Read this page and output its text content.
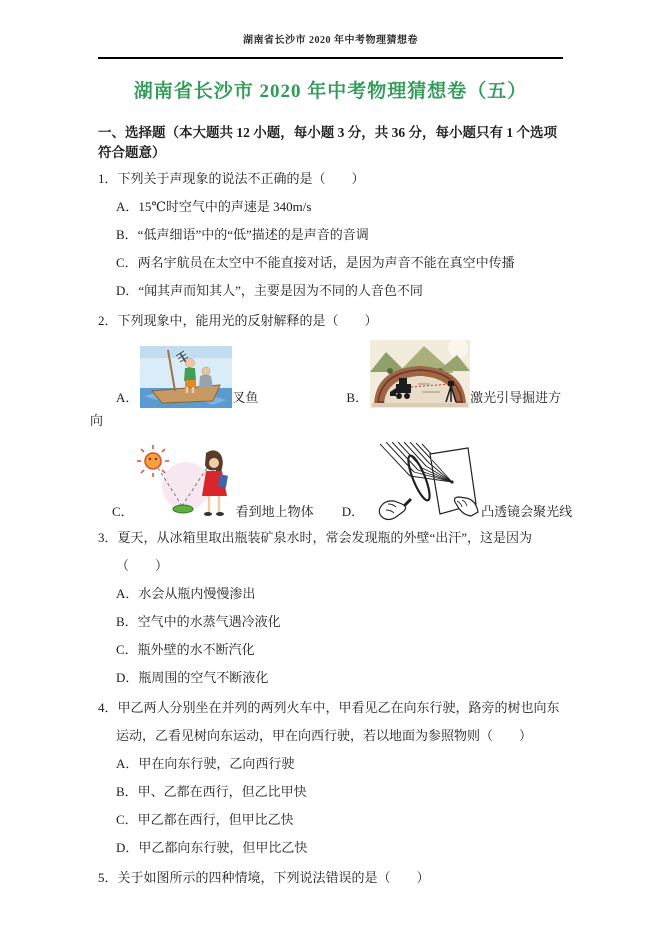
湖南省长沙市 2020 年中考物理猜想卷
湖南省长沙市 2020 年中考物理猜想卷（五）
一、选择题（本大题共 12 小题，每小题 3 分，共 36 分，每小题只有 1 个选项符合题意）

1．下列关于声现象的说法不正确的是（　　）

A．15℃时空气中的声速是 340m/s

B．“低声细语”中的“低”描述的是声音的音调

C．两名宇航员在太空中不能直接对话，是因为声音不能在真空中传播

D．“闻其声而知其人”，主要是因为不同的人音色不同

2．下列现象中，能用光的反射解释的是（　　）

A．	叉鱼	B．	激光引导掘进方

向

C．	看到地上物体 D．	凸透镜会聚光线

3．夏天，从冰箱里取出瓶装矿泉水时，常会发现瓶的外壁“出汗”，这是因为（　　）

A．水会从瓶内慢慢渗出

B．空气中的水蒸气遇冷液化

C．瓶外壁的水不断汽化

D．瓶周围的空气不断液化

4．甲乙两人分别坐在并列的两列火车中，甲看见乙在向东行驶，路旁的树也向东运动，乙看见树向东运动，甲在向西行驶，若以地面为参照物则（　　）

A．甲在向东行驶，乙向西行驶

B．甲、乙都在西行，但乙比甲快

C．甲乙都在西行，但甲比乙快

D．甲乙都向东行驶，但甲比乙快

5．关于如图所示的四种情境，下列说法错误的是（　　）
